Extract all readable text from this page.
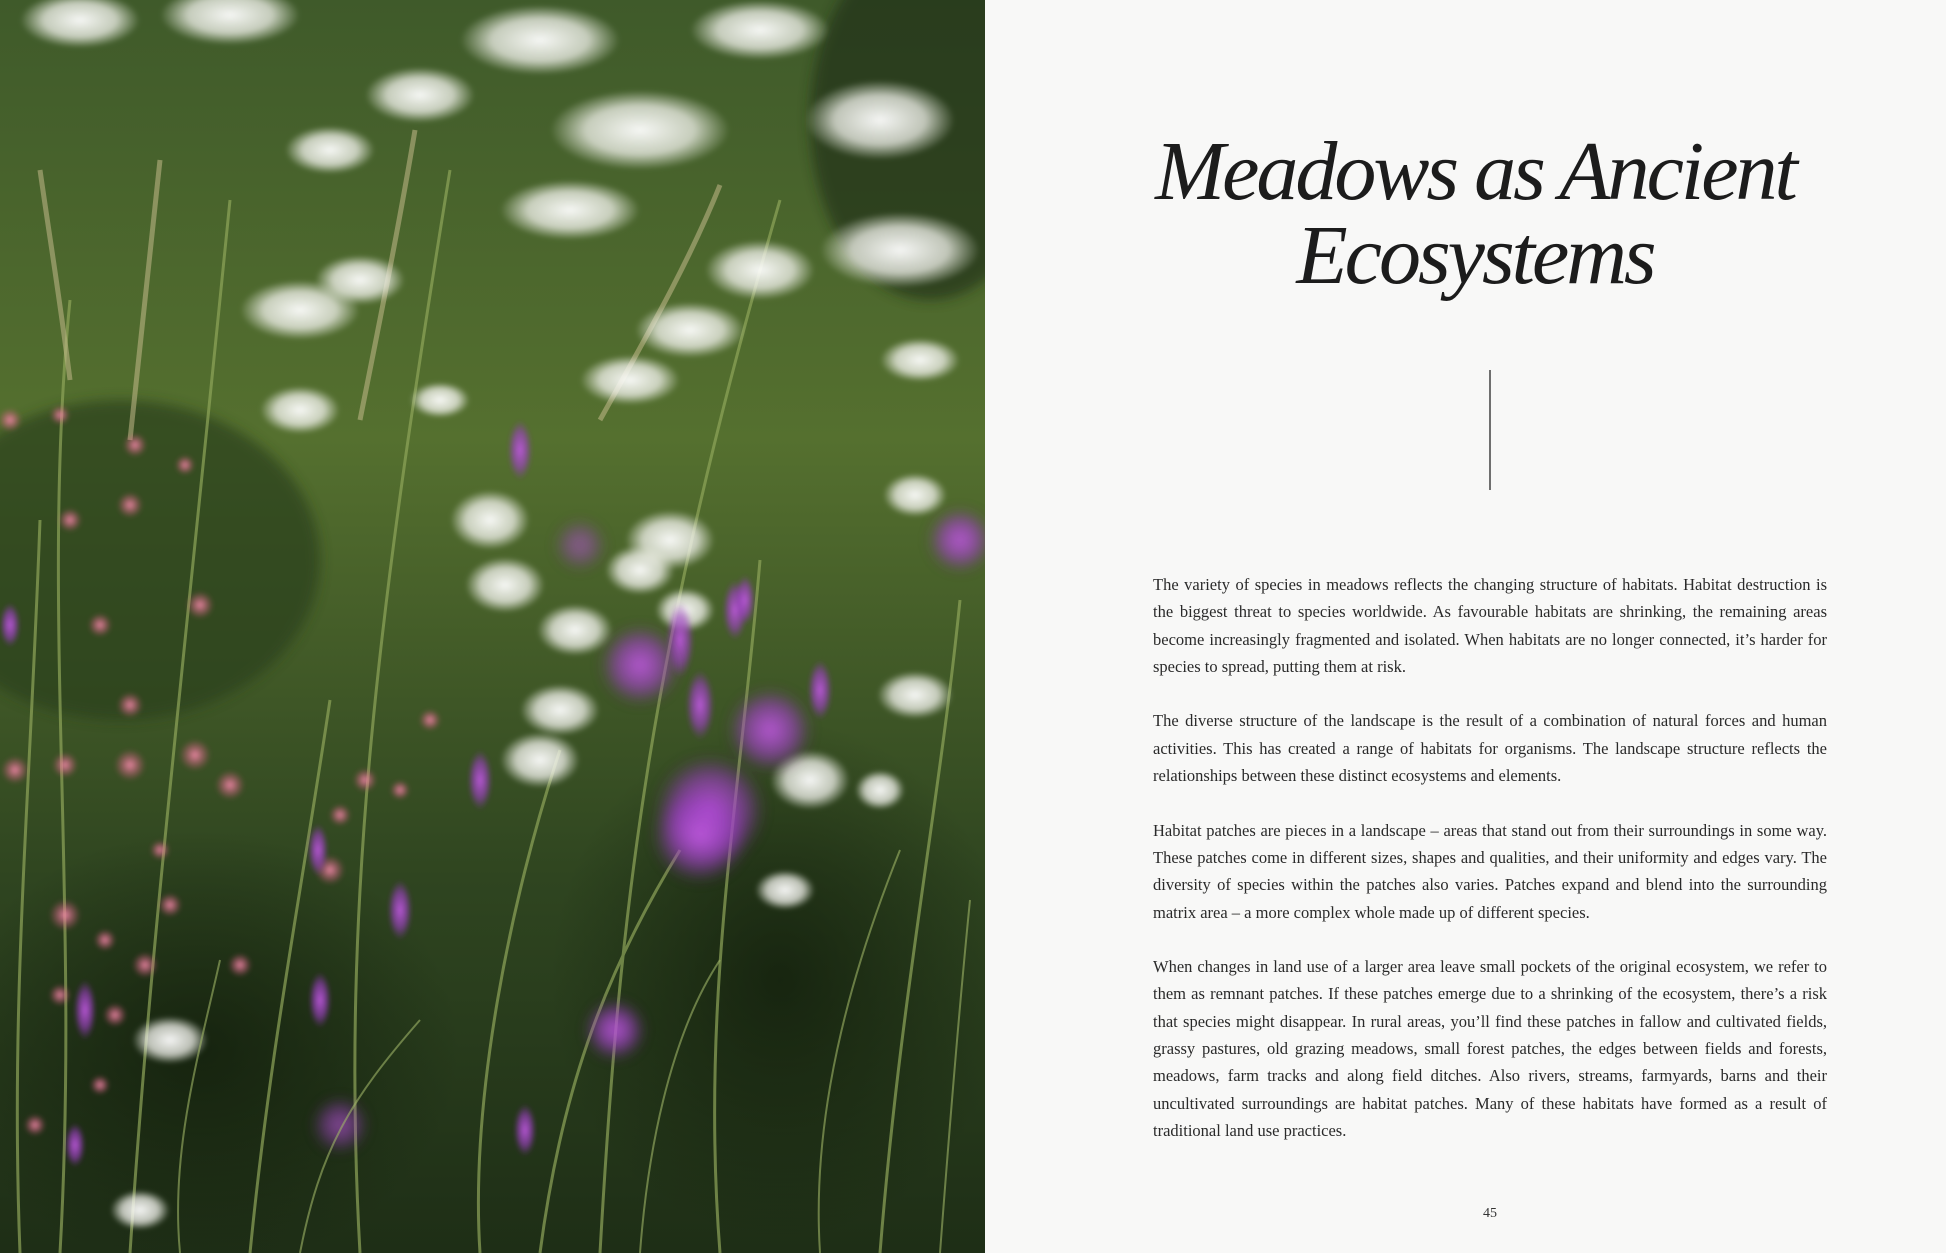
Meadows as Ancient
Ecosystems

The variety of species in meadows reflects the changing structure of habitats. Habitat destruction is the biggest threat to species worldwide. As favourable habitats are shrinking, the remaining areas become increasingly fragmented and isolated. When habitats are no longer connected, it’s harder for species to spread, putting them at risk.

The diverse structure of the landscape is the result of a combination of natural forces and human activities. This has created a range of habitats for organisms. The landscape structure reflects the relationships between these distinct ecosystems and elements.

Habitat patches are pieces in a landscape – areas that stand out from their surroundings in some way. These patches come in different sizes, shapes and qualities, and their uniformity and edges vary. The diversity of species within the patches also varies. Patches expand and blend into the surrounding matrix area – a more complex whole made up of different species.

When changes in land use of a larger area leave small pockets of the original ecosystem, we refer to them as remnant patches. If these patches emerge due to a shrinking of the ecosystem, there’s a risk that species might disappear. In rural areas, you’ll find these patches in fallow and cultivated fields, grassy pastures, old grazing meadows, small forest patches, the edges between fields and forests, meadows, farm tracks and along field ditches. Also rivers, streams, farmyards, barns and their uncultivated surroundings are habitat patches. Many of these habitats have formed as a result of traditional land use practices.

45
